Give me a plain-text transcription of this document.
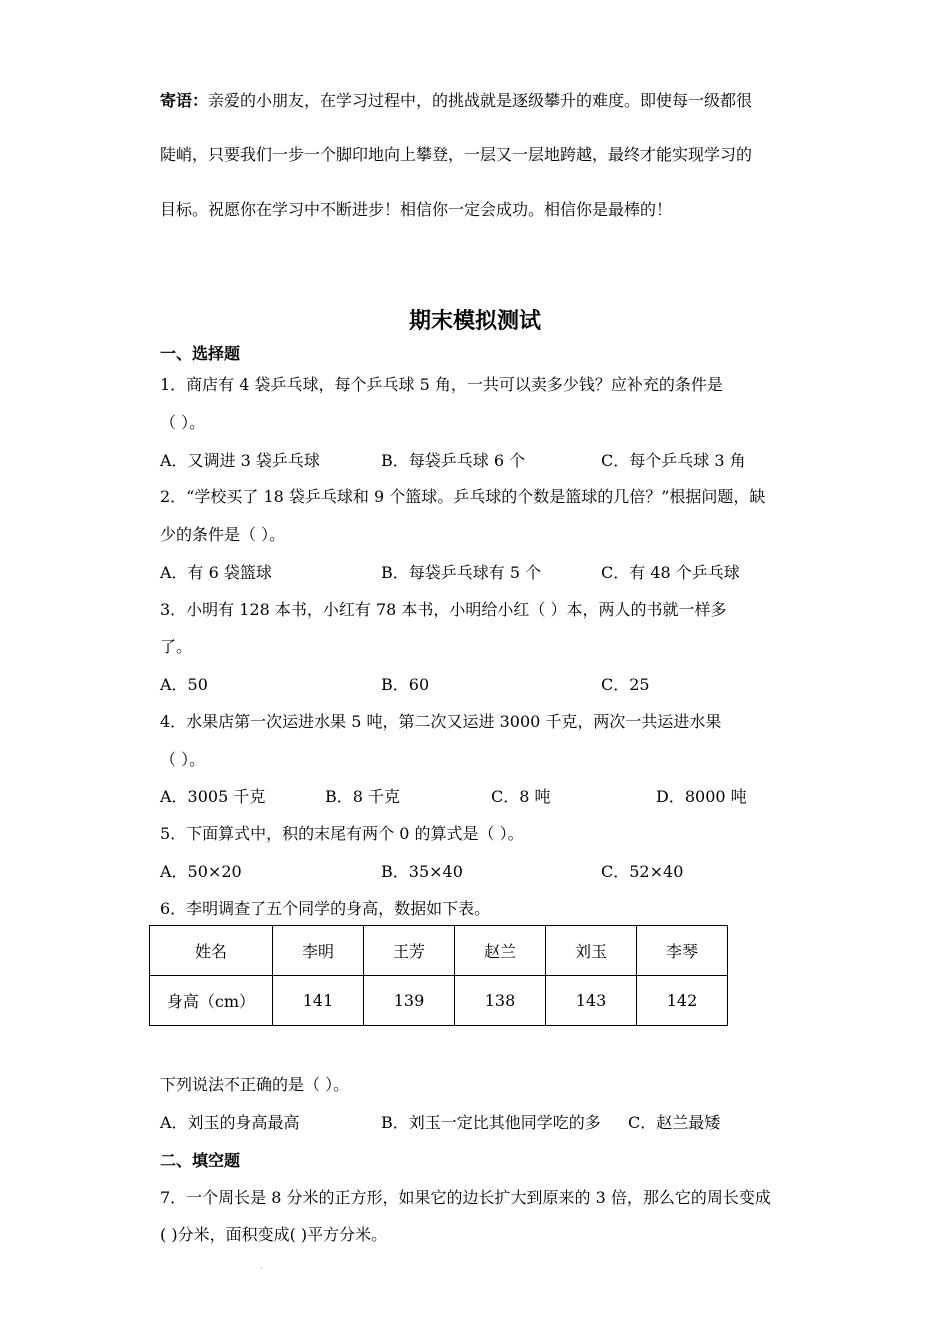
寄语：亲爱的小朋友，在学习过程中，的挑战就是逐级攀升的难度。即使每一级都很
陡峭，只要我们一步一个脚印地向上攀登，一层又一层地跨越，最终才能实现学习的
目标。祝愿你在学习中不断进步！相信你一定会成功。相信你是最棒的！
期末模拟测试
一、选择题
1．商店有 4 袋乒乓球，每个乒乓球 5 角，一共可以卖多少钱？应补充的条件是
（ ）。
A．又调进 3 袋乒乓球	B．每袋乒乓球 6 个	C．每个乒乓球 3 角
2．“学校买了 18 袋乒乓球和 9 个篮球。乒乓球的个数是篮球的几倍？”根据问题，缺
少的条件是（ ）。
A．有 6 袋篮球	B．每袋乒乓球有 5 个	C．有 48 个乒乓球
3．小明有 128 本书，小红有 78 本书，小明给小红（ ）本，两人的书就一样多
了。
A．50	B．60	C．25
4．水果店第一次运进水果 5 吨，第二次又运进 3000 千克，两次一共运进水果
（ ）。
A．3005 千克	B．8 千克	C．8 吨	D．8000 吨
5．下面算式中，积的末尾有两个 0 的算式是（ ）。
A．50×20	B．35×40	C．52×40
6．李明调查了五个同学的身高，数据如下表。
姓名	李明	王芳	赵兰	刘玉	李琴
身高（cm）	141	139	138	143	142
下列说法不正确的是（ ）。
A．刘玉的身高最高	B．刘玉一定比其他同学吃的多 C．赵兰最矮
二、填空题
7．一个周长是 8 分米的正方形，如果它的边长扩大到原来的 3 倍，那么它的周长变成
( )分米，面积变成( )平方分米。
·
